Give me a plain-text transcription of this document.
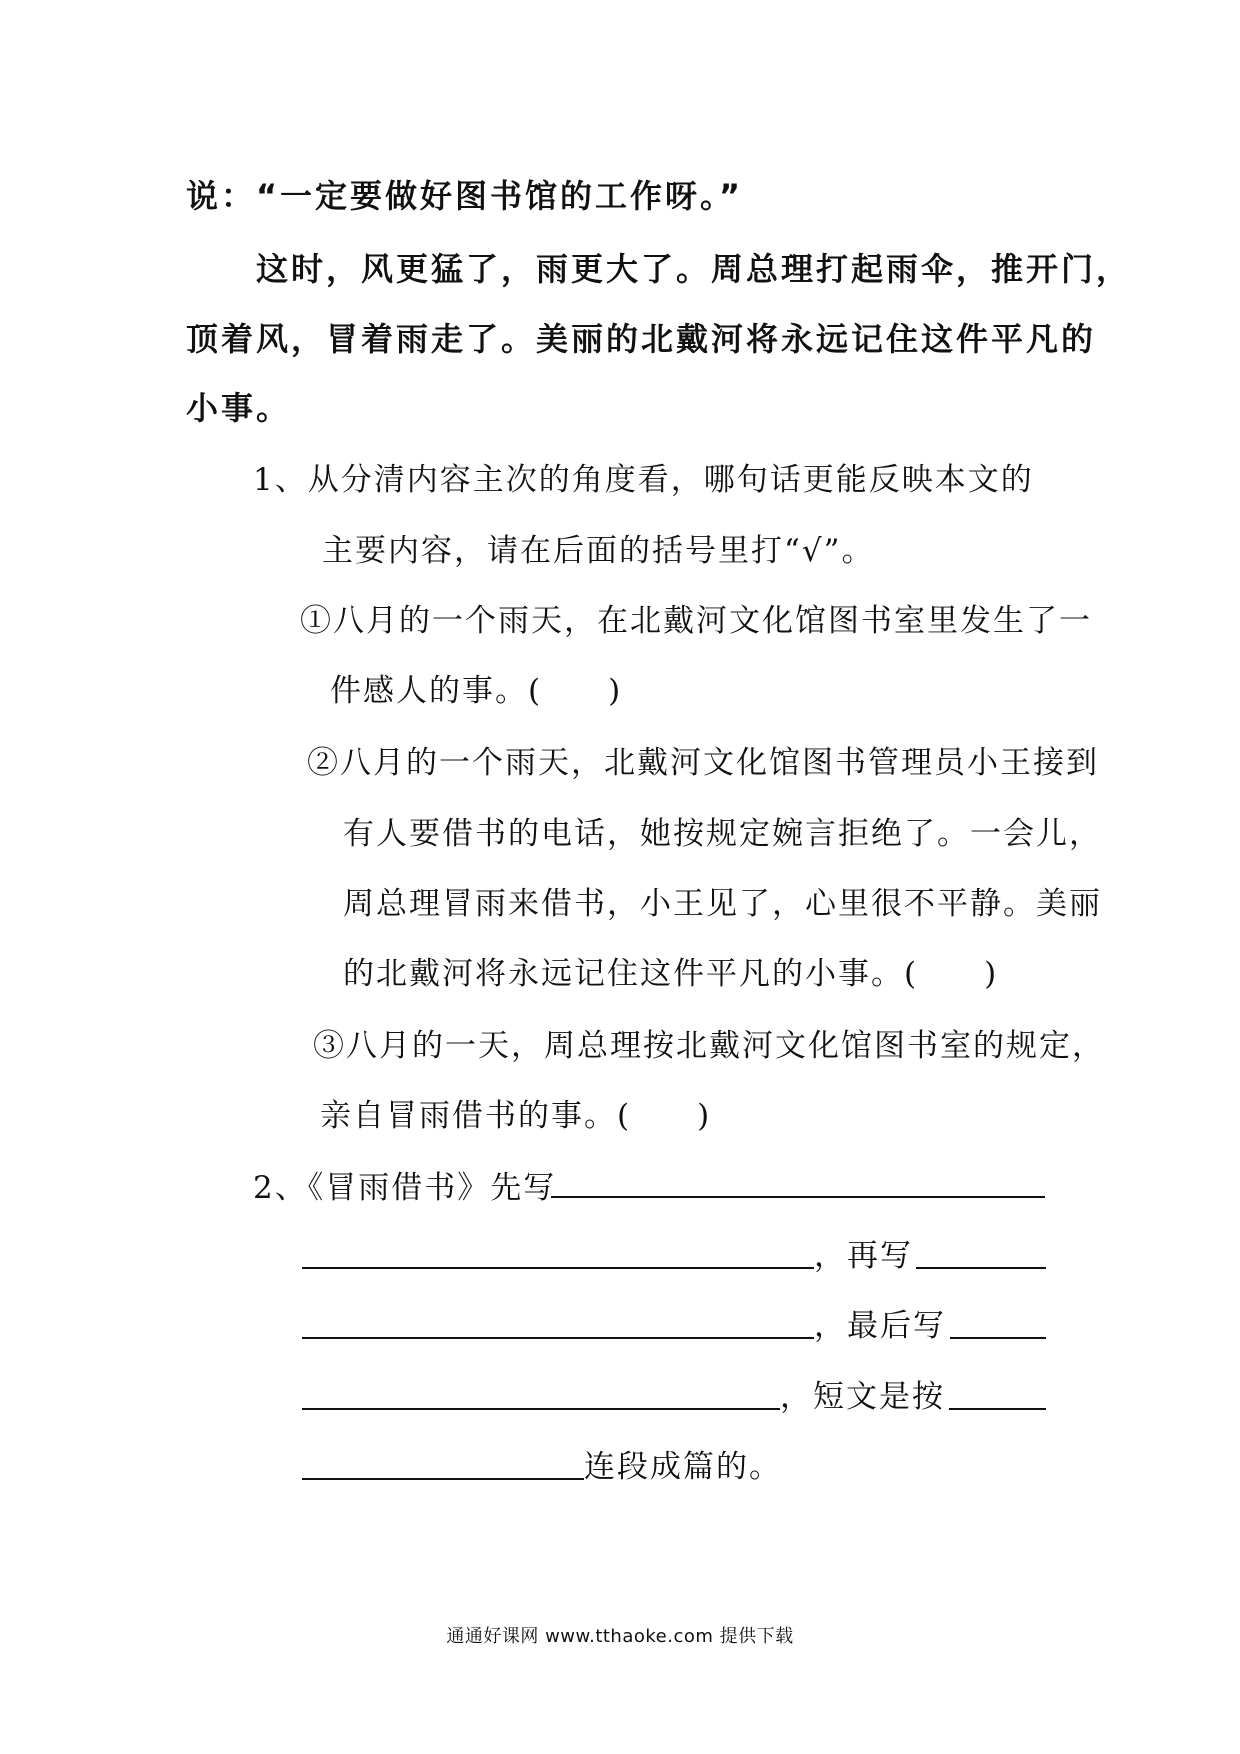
说：“一定要做好图书馆的工作呀。”
这时，风更猛了，雨更大了。周总理打起雨伞，推开门，
顶着风，冒着雨走了。美丽的北戴河将永远记住这件平凡的
小事。
1、从分清内容主次的角度看，哪句话更能反映本文的
主要内容，请在后面的括号里打“√”。
①八月的一个雨天，在北戴河文化馆图书室里发生了一
件感人的事。(　　)
②八月的一个雨天，北戴河文化馆图书管理员小王接到
有人要借书的电话，她按规定婉言拒绝了。一会儿，
周总理冒雨来借书，小王见了，心里很不平静。美丽
的北戴河将永远记住这件平凡的小事。(　　)
③八月的一天，周总理按北戴河文化馆图书室的规定，
亲自冒雨借书的事。(　　)
2、《冒雨借书》先写
，再写
，最后写
，短文是按
连段成篇的。
通通好课网 www.tthaoke.com 提供下载
